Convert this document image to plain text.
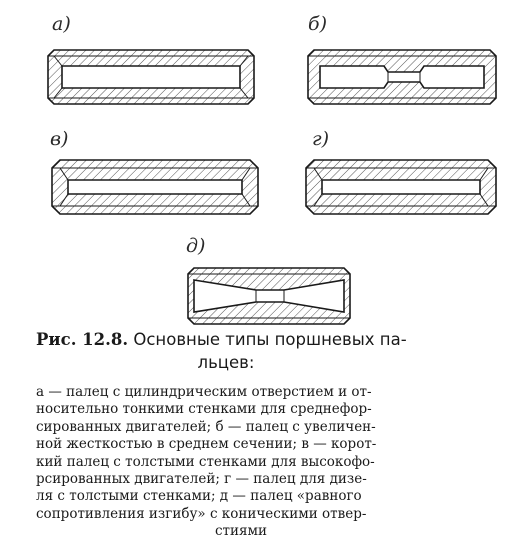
а)	б)
в)	г)
д)
Рис. 12.8. Основные типы поршневых па-
льцев:
а — палец с цилиндрическим отверстием и от-
носительно тонкими стенками для среднефор-
сированных двигателей; б — палец с увеличен-
ной жесткостью в среднем сечении; в — корот-
кий палец с толстыми стенками для высокофо-
рсированных двигателей; г — палец для дизе-
ля с толстыми стенками; д — палец «равного
сопротивления изгибу» с коническими отвер-
стиями
